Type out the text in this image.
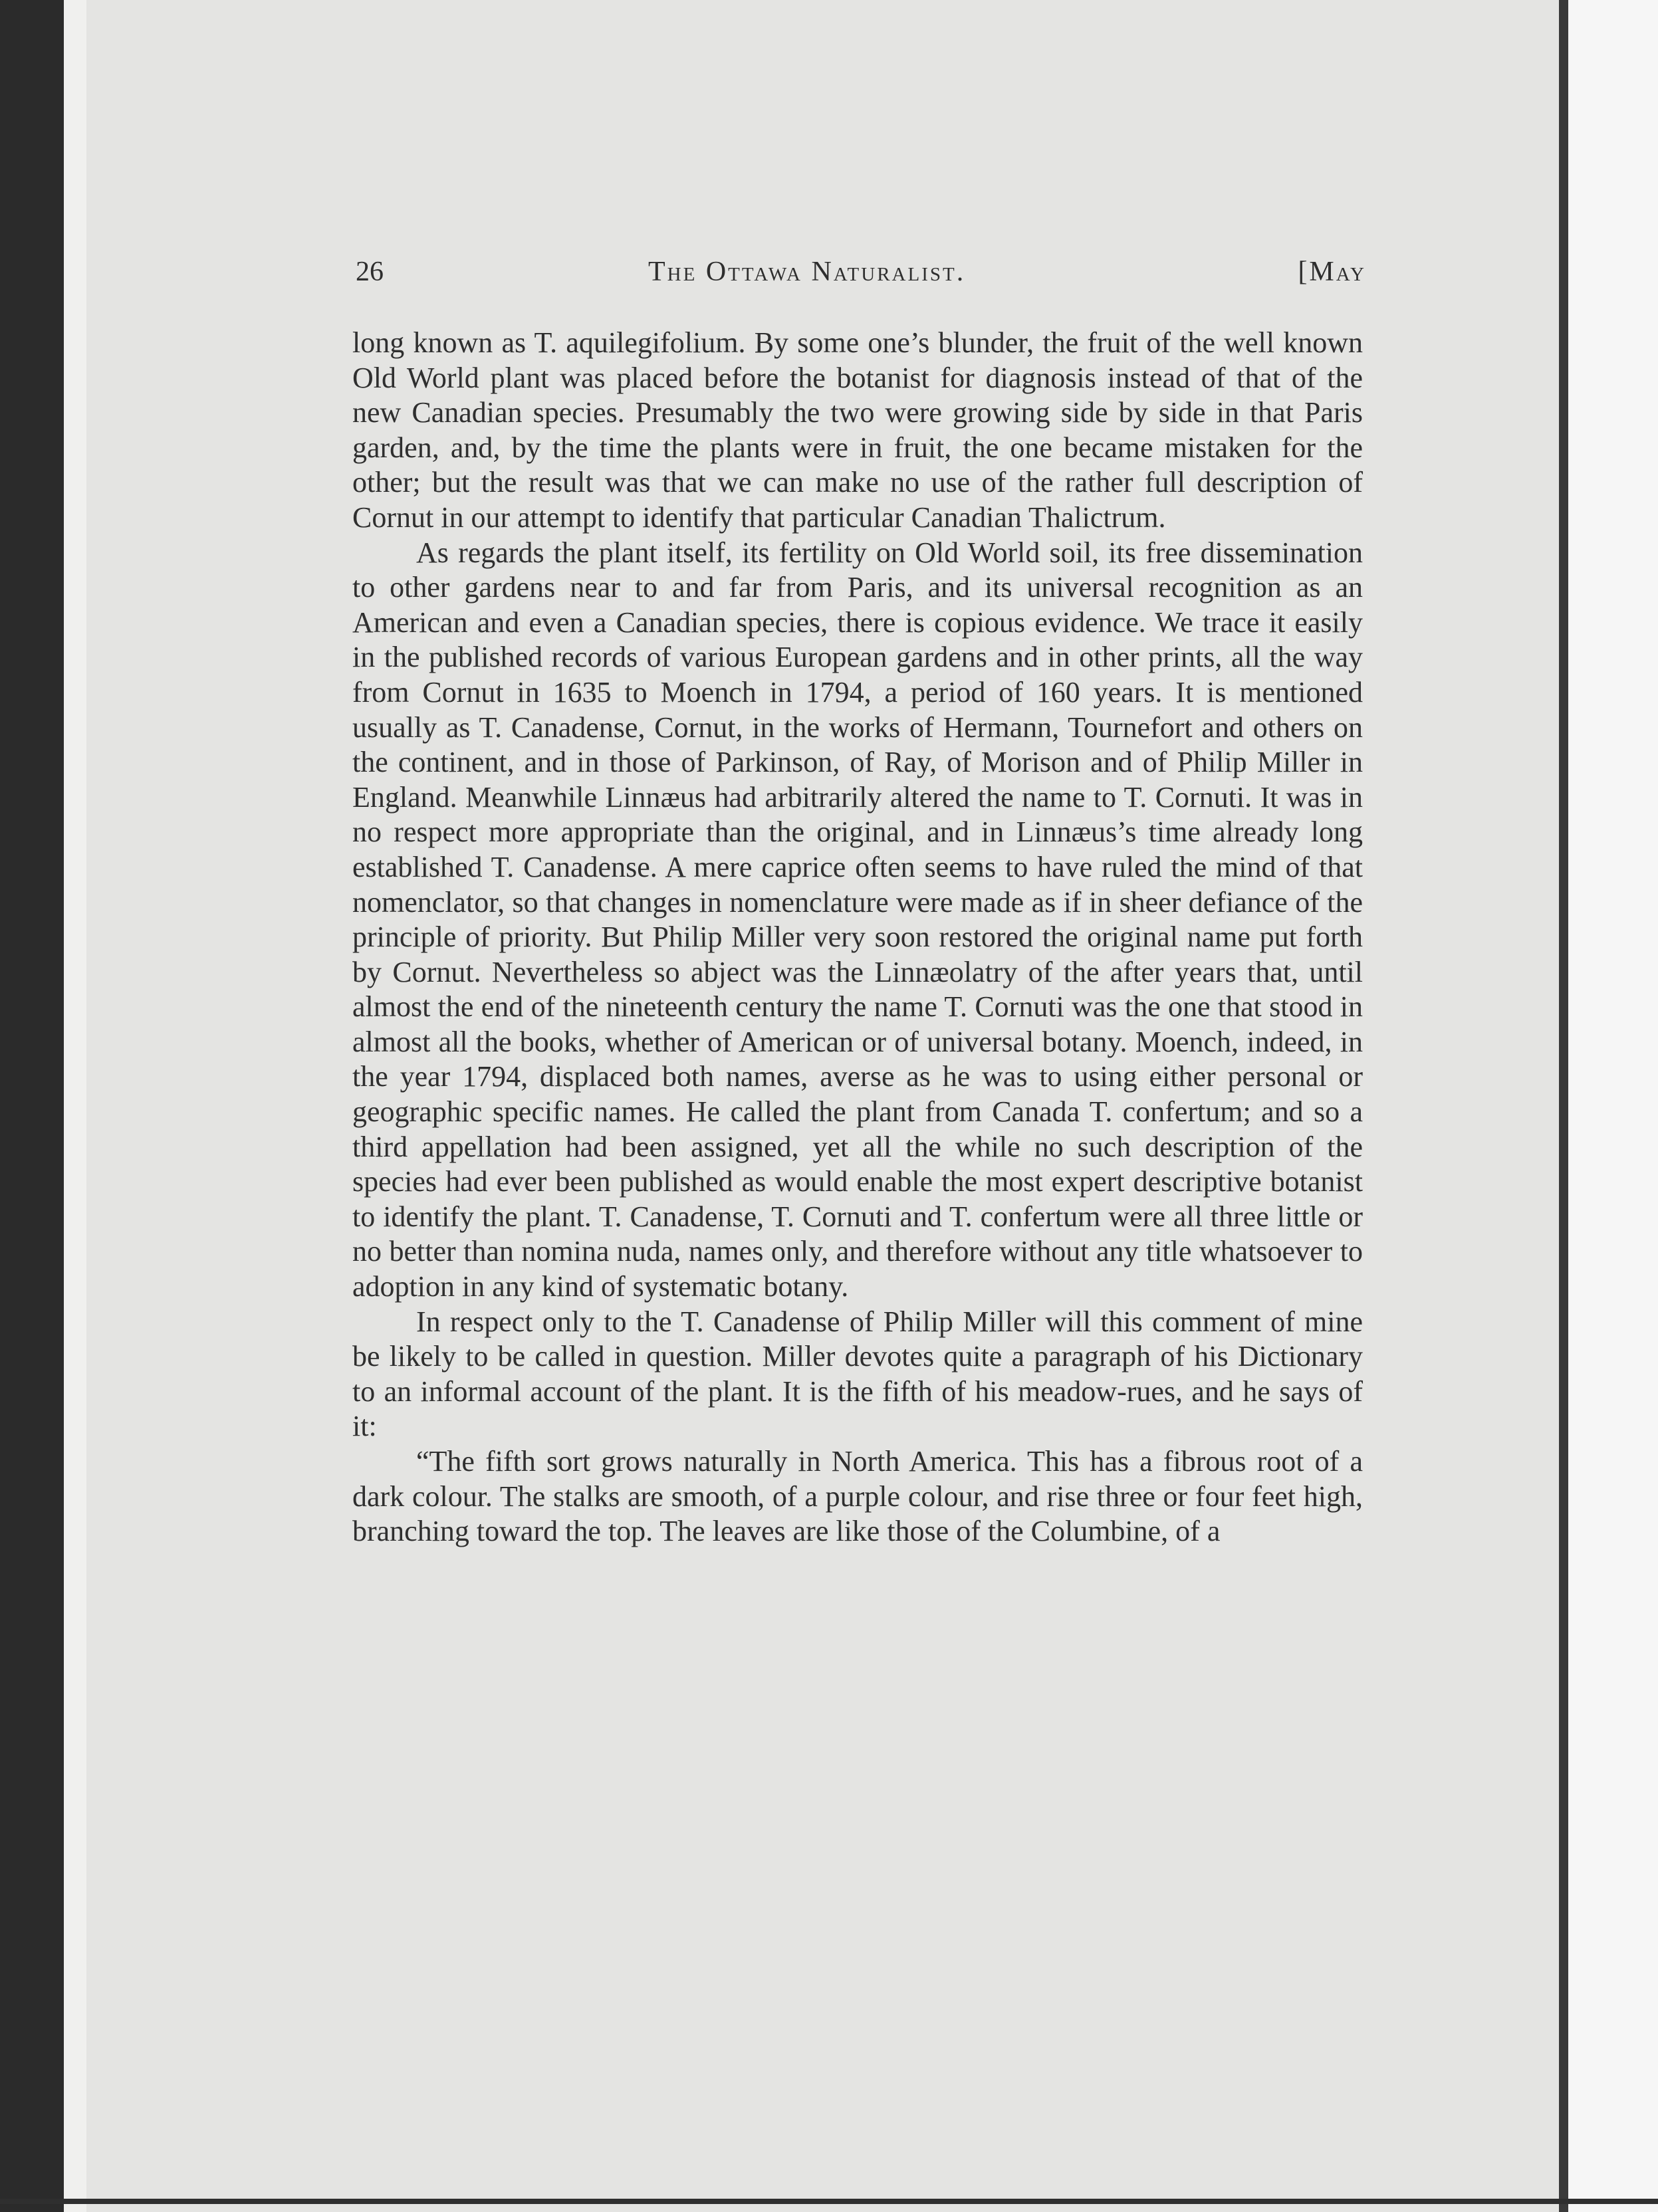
26	The Ottawa Naturalist.	[May

long known as T. aquilegifolium. By some one’s blunder, the fruit of the well known Old World plant was placed before the botanist for diagnosis instead of that of the new Canadian species. Presumably the two were growing side by side in that Paris garden, and, by the time the plants were in fruit, the one became mistaken for the other; but the result was that we can make no use of the rather full description of Cornut in our attempt to identify that particular Canadian Thalictrum.

As regards the plant itself, its fertility on Old World soil, its free dissemination to other gardens near to and far from Paris, and its universal recognition as an American and even a Canadian species, there is copious evidence. We trace it easily in the published records of various European gardens and in other prints, all the way from Cornut in 1635 to Moench in 1794, a period of 160 years. It is mentioned usually as T. Canadense, Cornut, in the works of Hermann, Tournefort and others on the continent, and in those of Parkinson, of Ray, of Morison and of Philip Miller in England. Meanwhile Linnæus had arbitrarily altered the name to T. Cornuti. It was in no respect more appropriate than the original, and in Linnæus’s time already long established T. Canadense. A mere caprice often seems to have ruled the mind of that nomenclator, so that changes in nomenclature were made as if in sheer defiance of the principle of priority. But Philip Miller very soon restored the original name put forth by Cornut. Nevertheless so abject was the Linnæolatry of the after years that, until almost the end of the nineteenth century the name T. Cornuti was the one that stood in almost all the books, whether of American or of universal botany. Moench, indeed, in the year 1794, displaced both names, averse as he was to using either personal or geographic specific names. He called the plant from Canada T. confertum; and so a third appellation had been assigned, yet all the while no such description of the species had ever been published as would enable the most expert descriptive botanist to identify the plant. T. Canadense, T. Cornuti and T. confertum were all three little or no better than nomina nuda, names only, and therefore without any title whatsoever to adoption in any kind of systematic botany.

In respect only to the T. Canadense of Philip Miller will this comment of mine be likely to be called in question. Miller devotes quite a paragraph of his Dictionary to an informal account of the plant. It is the fifth of his meadow-rues, and he says of it:

“The fifth sort grows naturally in North America. This has a fibrous root of a dark colour. The stalks are smooth, of a purple colour, and rise three or four feet high, branching toward the top. The leaves are like those of the Columbine, of a
